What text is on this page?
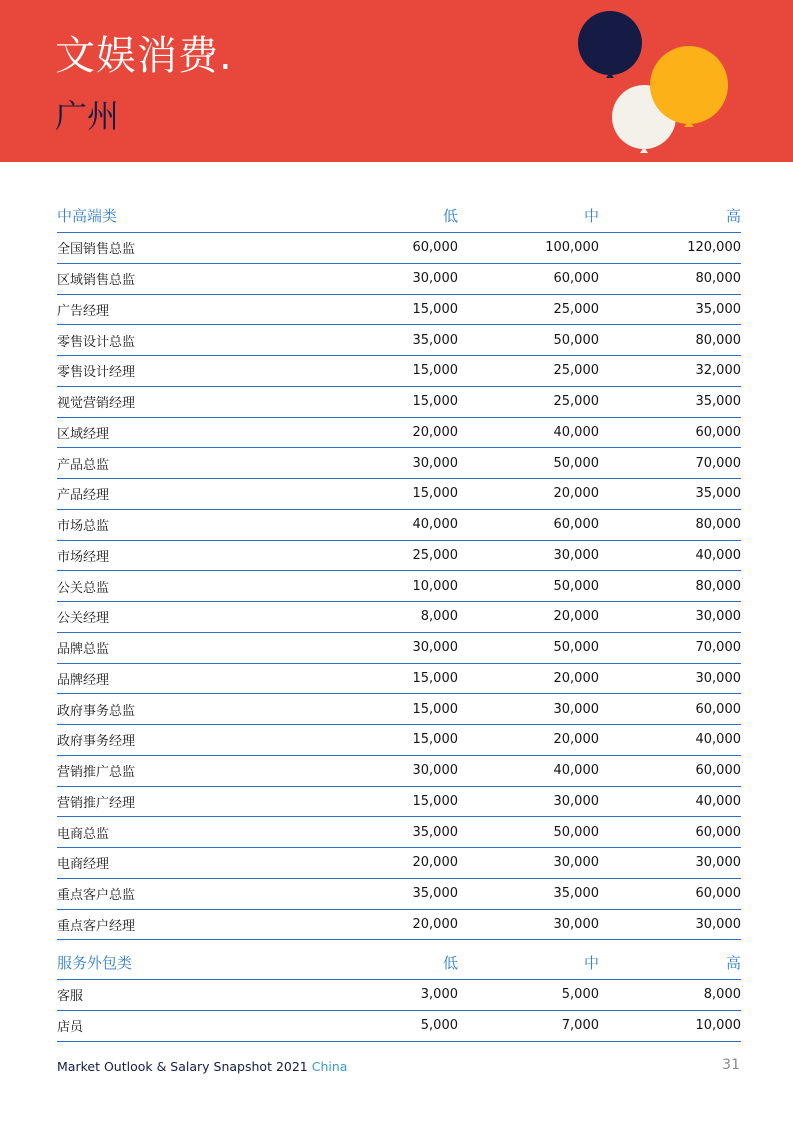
文娱消费.
广州
中高端类	低	中	高
全国销售总监	60,000	100,000	120,000
区域销售总监	30,000	60,000	80,000
广告经理	15,000	25,000	35,000
零售设计总监	35,000	50,000	80,000
零售设计经理	15,000	25,000	32,000
视觉营销经理	15,000	25,000	35,000
区域经理	20,000	40,000	60,000
产品总监	30,000	50,000	70,000
产品经理	15,000	20,000	35,000
市场总监	40,000	60,000	80,000
市场经理	25,000	30,000	40,000
公关总监	10,000	50,000	80,000
公关经理	8,000	20,000	30,000
品牌总监	30,000	50,000	70,000
品牌经理	15,000	20,000	30,000
政府事务总监	15,000	30,000	60,000
政府事务经理	15,000	20,000	40,000
营销推广总监	30,000	40,000	60,000
营销推广经理	15,000	30,000	40,000
电商总监	35,000	50,000	60,000
电商经理	20,000	30,000	30,000
重点客户总监	35,000	35,000	60,000
重点客户经理	20,000	30,000	30,000
服务外包类	低	中	高
客服	3,000	5,000	8,000
店员	5,000	7,000	10,000
Market Outlook & Salary Snapshot 2021 China	31
